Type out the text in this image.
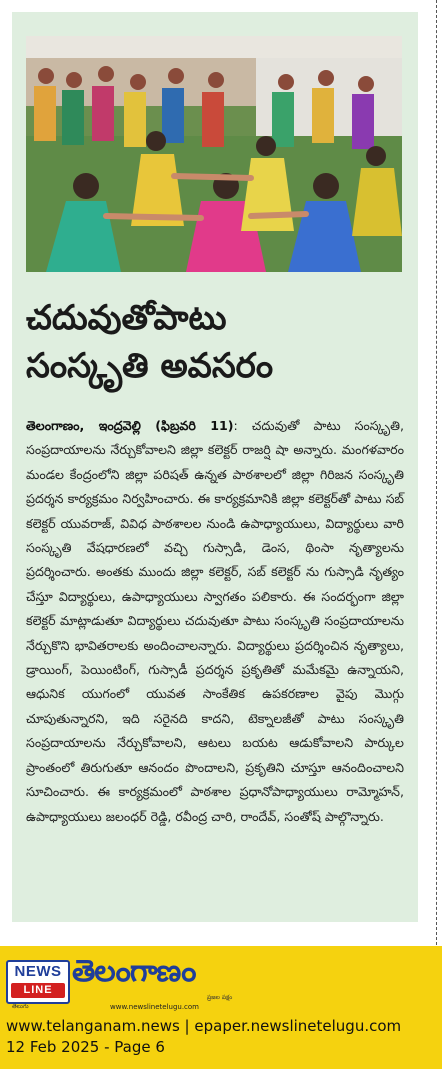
చదువుతోపాటు
సంస్కృతి అవసరం
తెలంగాణం, ఇంద్రవెల్లి (ఫిబ్రవరి 11): చదువుతో పాటు సంస్కృతి, సంప్రదాయాలను నేర్చుకోవాలని జిల్లా కలెక్టర్ రాజర్షి షా అన్నారు. మంగళవారం మండల కేంద్రంలోని జిల్లా పరిషత్ ఉన్నత పాఠశాలలో జిల్లా గిరిజన సంస్కృతి ప్రదర్శన కార్యక్రమం నిర్వహించారు. ఈ కార్యక్రమానికి జిల్లా కలెక్టర్‌తో పాటు సబ్ కలెక్టర్ యువరాజ్, వివిధ పాఠశాలల నుండి ఉపాధ్యాయులు, విద్యార్థులు వారి సంస్కృతి వేషధారణలో వచ్చి గుస్సాడి, డెంస, థింసా నృత్యాలను ప్రదర్శించారు. అంతకు ముందు జిల్లా కలెక్టర్, సబ్ కలెక్టర్ ను గుస్సాడి నృత్యం చేస్తూ విద్యార్థులు, ఉపాధ్యాయులు స్వాగతం పలికారు. ఈ సందర్భంగా జిల్లా కలెక్టర్ మాట్లాడుతూ విద్యార్థులు చదువుతూ పాటు సంస్కృతి సంప్రదాయాలను నేర్చుకొని భావితరాలకు అందించాలన్నారు. విద్యార్థులు ప్రదర్శించిన నృత్యాలు, డ్రాయింగ్, పెయింటింగ్, గుస్సాడీ ప్రదర్శన ప్రకృతితో మమేకమై ఉన్నాయని, ఆధునిక యుగంలో యువత సాంకేతిక ఉపకరణాల వైపు మొగ్గు చూపుతున్నారని, ఇది సరైనది కాదని, టెక్నాలజీతో పాటు సంస్కృతి సంప్రదాయాలను నేర్చుకోవాలని, ఆటలు బయట ఆడుకోవాలని పార్కుల ప్రాంతంలో తిరుగుతూ ఆనందం పొందాలని, ప్రకృతిని చూస్తూ ఆనందించాలని సూచించారు. ఈ కార్యక్రమంలో పాఠశాల ప్రధానోపాధ్యాయులు రామ్మోహన్, ఉపాధ్యాయులు జలంధర్ రెడ్డి, రవీంద్ర చారి, రాందేవ్, సంతోష్ పాల్గొన్నారు.
NEWS
LINE
తెలుగు
తెలంగాణం
ప్రజల పక్షం
www.newslinetelugu.com
www.telanganam.news | epaper.newslinetelugu.com
12 Feb 2025 - Page 6
